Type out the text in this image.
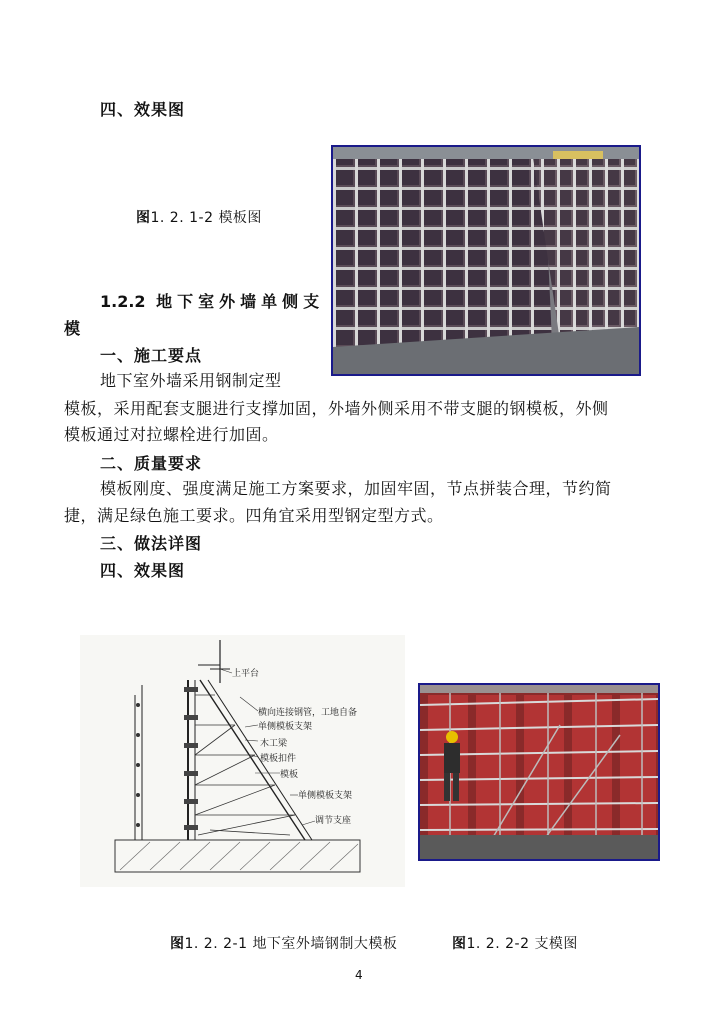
四、效果图
图1. 2. 1-2 模板图
1.2.2 地下室外墙单侧支
模
一、施工要点
地下室外墙采用钢制定型
模板，采用配套支腿进行支撑加固，外墙外侧采用不带支腿的钢模板，外侧
模板通过对拉螺栓进行加固。
二、质量要求
模板刚度、强度满足施工方案要求，加固牢固，节点拼装合理，节约简
捷，满足绿色施工要求。四角宜采用型钢定型方式。
三、做法详图
四、效果图
上平台
横向连接钢管，工地自备
单侧模板支架
木工梁
模板扣件
模板
单侧模板支架
调节支座
图1. 2. 2-1 地下室外墙钢制大模板	图1. 2. 2-2 支模图
4
